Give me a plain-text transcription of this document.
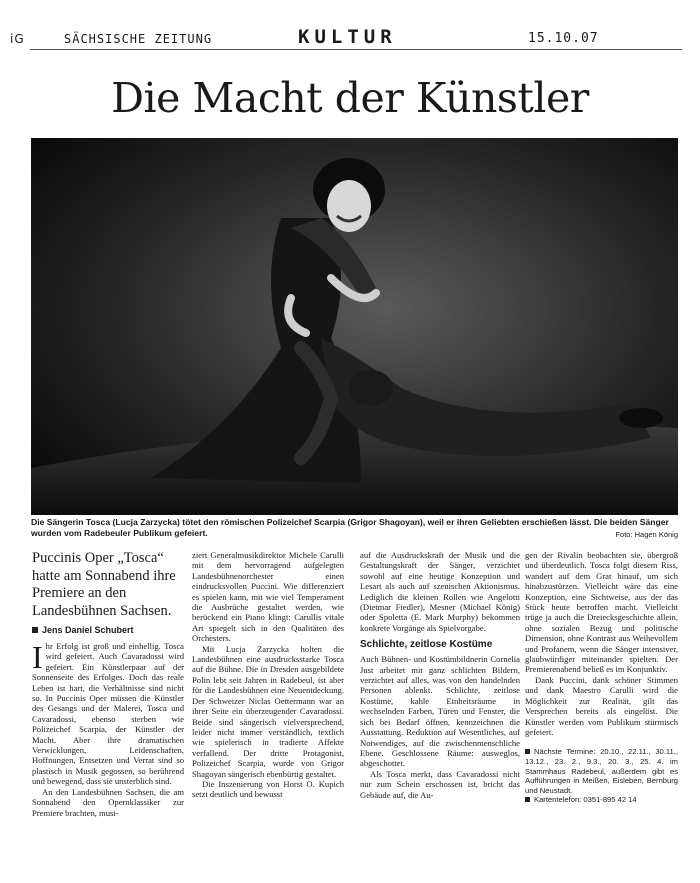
iG	SÄCHSISCHE ZEITUNG	KULTUR	15.10.07
Die Macht der Künstler
Die Sängerin Tosca (Lucja Zarzycka) tötet den römischen Polizeichef Scarpia (Grigor Shagoyan), weil er ihren Geliebten erschießen lässt. Die beiden Sänger wurden vom Radebeuler Publikum gefeiert.	Foto: Hagen König
Puccinis Oper „Tosca“ hatte am Sonnabend ihre Premiere an den Landesbühnen Sachsen.
Jens Daniel Schubert

Ihr Erfolg ist groß und einhellig. Tosca wird gefeiert. Auch Cavaradossi wird gefeiert. Ein Künstlerpaar auf der Sonnenseite des Erfolges. Doch das reale Leben ist hart, die Verhältnisse sind nicht so. In Puccinis Oper müssen die Künstler des Gesangs und der Malerei, Tosca und Cavaradossi, ebenso sterben wie Polizeichef Scarpia, der Künstler der Macht. Aber ihre dramatischen Verwicklungen, Leidenschaften, Hoffnungen, Entsetzen und Verrat sind so plastisch in Musik gegossen, so berührend und bewegend, dass sie unsterblich sind.

An den Landesbühnen Sachsen, die am Sonnabend den Opernklassiker zur Premiere brachten, musi-

ziert Generalmusikdirektor Michele Carulli mit dem hervorragend aufgelegten Landesbühnenorchester einen eindrucksvollen Puccini. Wie differenziert es spielen kann, mit wie viel Temperament die Ausbrüche gestaltet werden, wie berückend ein Piano klingt: Carullis vitale Art spiegelt sich in den Qualitäten des Orchesters.

Mit Lucja Zarzycka holten die Landesbühnen eine ausdrucksstarke Tosca auf die Bühne. Die in Dresden ausgebildete Polin lebt seit Jahren in Radebeul, ist aber für die Landesbühnen eine Neuentdeckung. Der Schweizer Niclas Oettermann war an ihrer Seite ein überzeugender Cavaradossi. Beide sind sängerisch vielversprechend, leider nicht immer verständlich, textlich wie spielerisch in tradierte Affekte verfallend. Der dritte Protagonist, Polizeichef Scarpia, wurde von Grigor Shagoyan sängerisch ebenbürtig gestaltet.

Die Inszenierung von Horst O. Kupich setzt deutlich und bewusst

auf die Ausdruckskraft der Musik und die Gestaltungskraft der Sänger, verzichtet sowohl auf eine heutige Konzeption und Lesart als auch auf szenischen Aktionismus. Lediglich die kleinen Rollen wie Angelotti (Dietmar Fiedler), Mesner (Michael König) oder Spoletta (E. Mark Murphy) bekommen konkrete Vorgänge als Spielvorgabe.

Schlichte, zeitlose Kostüme

Auch Bühnen- und Kostümbildnerin Cornelia Just arbeitet mit ganz schlichten Bildern, verzichtet auf alles, was von den handelnden Personen ablenkt. Schlichte, zeitlose Kostüme, kahle Einheitsräume in wechselnden Farben, Türen und Fenster, die sich bei Bedarf öffnen, kennzeichnen die Ausstattung. Reduktion auf Wesentliches, auf Notwendiges, auf die zwischenmenschliche Ebene. Geschlossene Räume: ausweglos, abgeschottet.

Als Tosca merkt, dass Cavaradossi nicht nur zum Schein erschossen ist, bricht das Gebäude auf, die Au-

gen der Rivalin beobachten sie, übergroß und überdeutlich. Tosca folgt diesem Riss, wandert auf dem Grat hinauf, um sich hinabzustürzen. Vielleicht wäre das eine Konzeption, eine Sichtweise, aus der das Stück heute betroffen macht. Vielleicht trüge ja auch die Dreiecksgeschichte allein, ohne sozialen Bezug und politische Dimension, ohne Kontrast aus Weihevollem und Profanem, wenn die Sänger intensiver, glaubwürdiger miteinander spielten. Der Premierenabend beließ es im Konjunktiv.

Dank Puccini, dank schöner Stimmen und dank Maestro Carulli wird die Möglichkeit zur Realität, gilt das Versprechen bereits als eingelöst. Die Künstler werden vom Publikum stürmisch gefeiert.

Nächste Termine: 20.10., 22.11., 30.11., 13.12., 23. 2., 9.3., 20. 3., 25. 4. im Stammhaus Radebeul, außerdem gibt es Aufführungen in Meißen, Eisleben, Bernburg und Neustadt.
Kartentelefon: 0351-895 42 14
